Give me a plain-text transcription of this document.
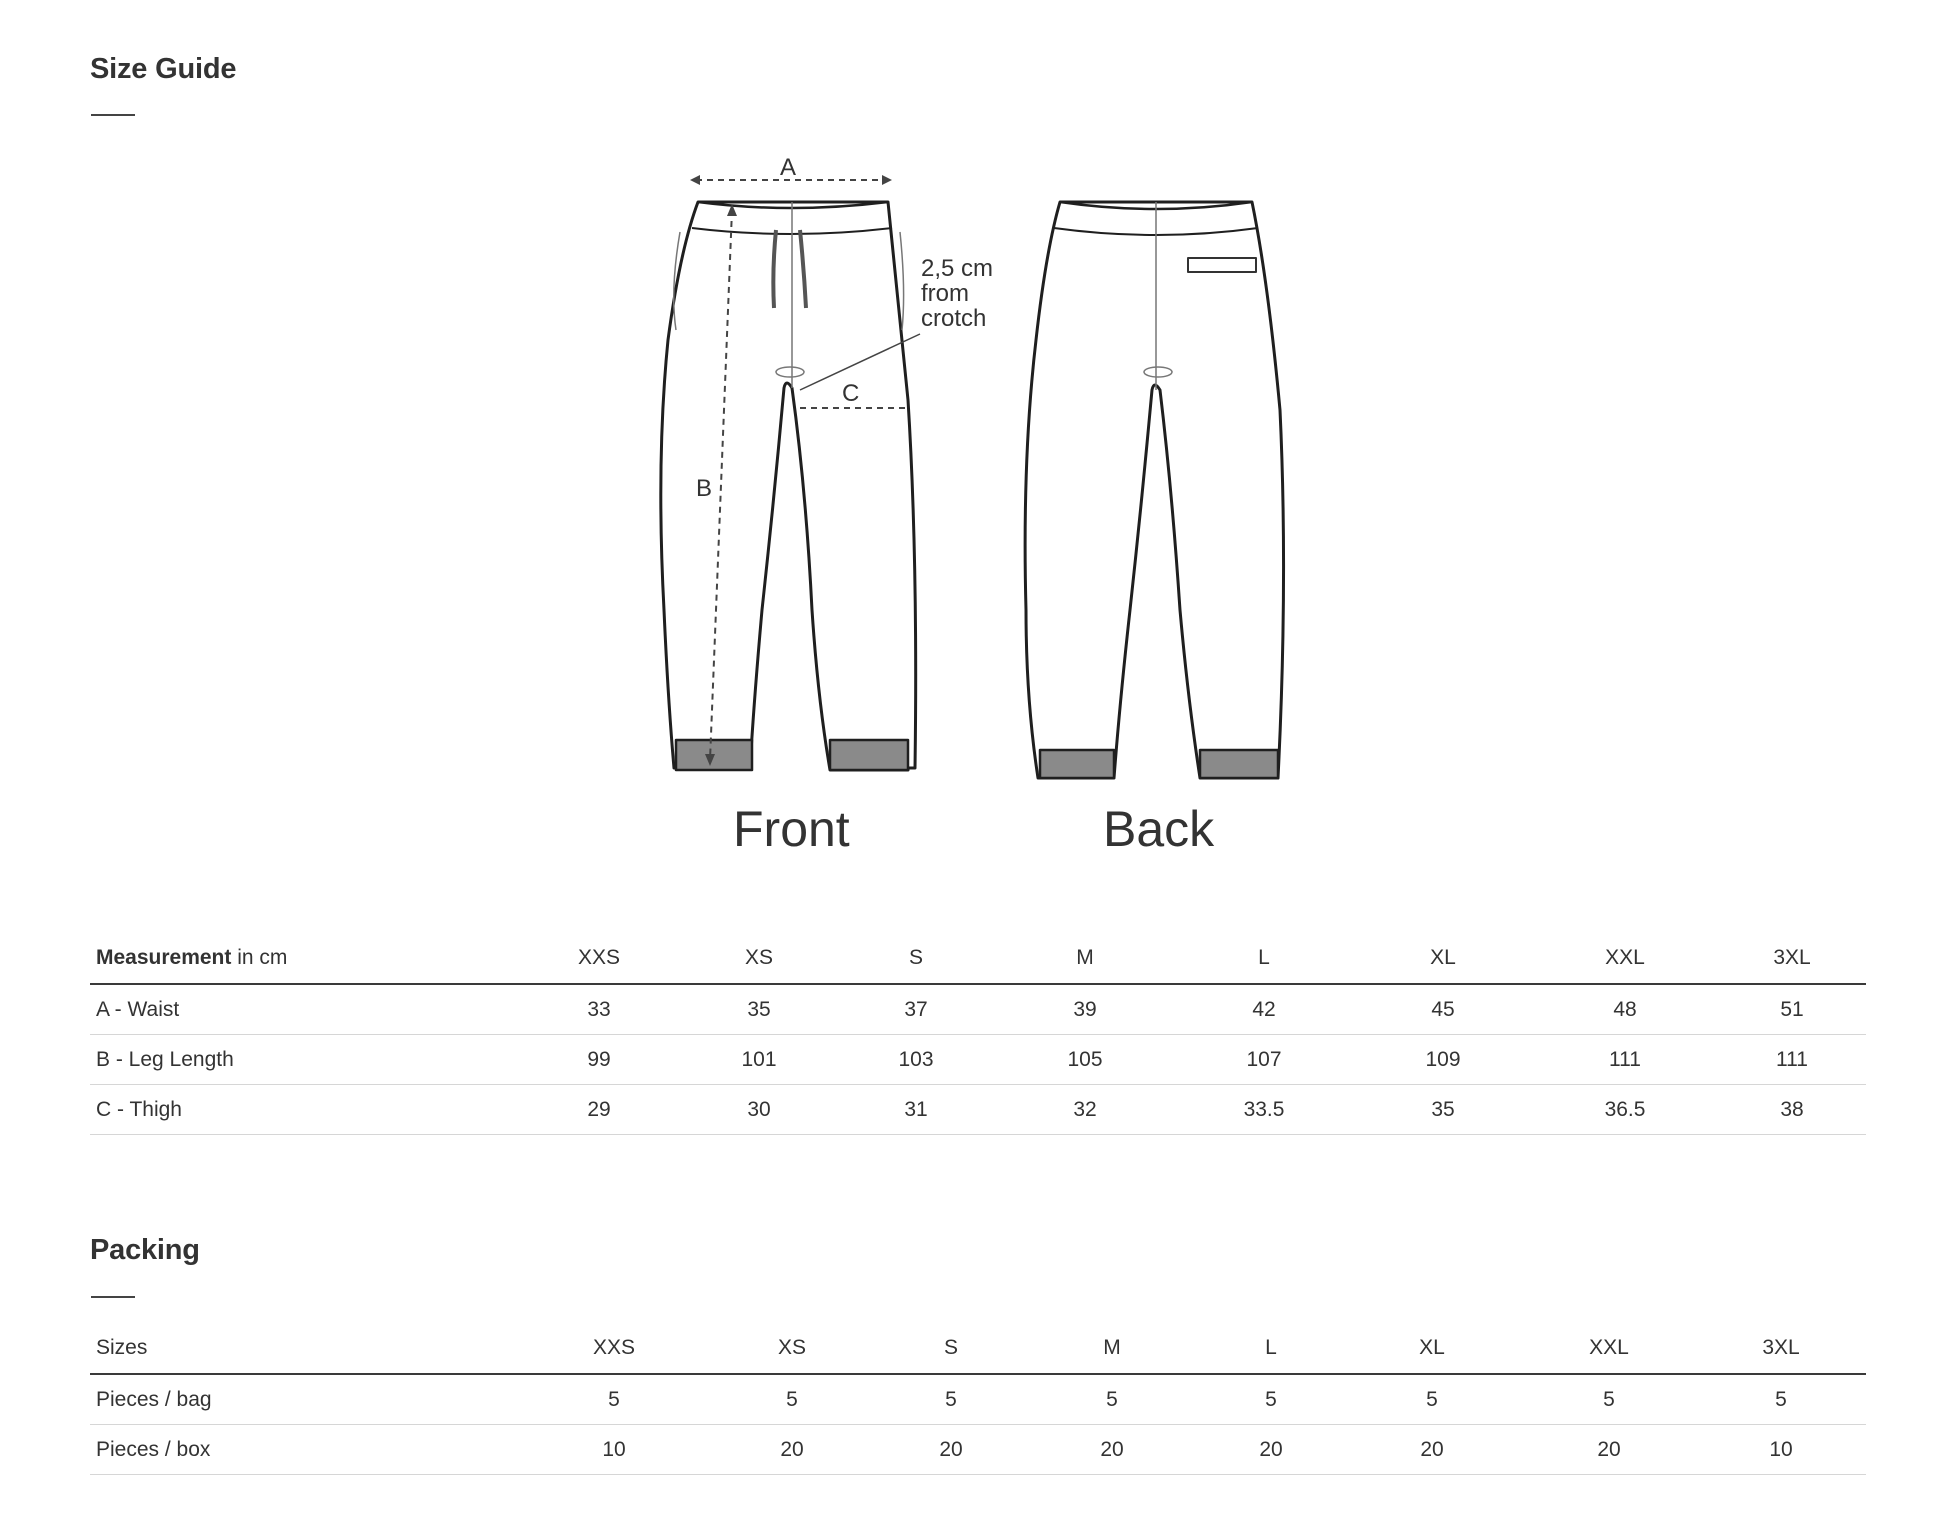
Size Guide
A
B
C
2,5 cm
from
crotch
Front	Back
Measurement in cm	XXS	XS	S	M	L	XL	XXL	3XL
A - Waist	33	35	37	39	42	45	48	51
B - Leg Length	99	101	103	105	107	109	111	111
C - Thigh	29	30	31	32	33.5	35	36.5	38
Packing
Sizes	XXS	XS	S	M	L	XL	XXL	3XL
Pieces / bag	5	5	5	5	5	5	5	5
Pieces / box	10	20	20	20	20	20	20	10
